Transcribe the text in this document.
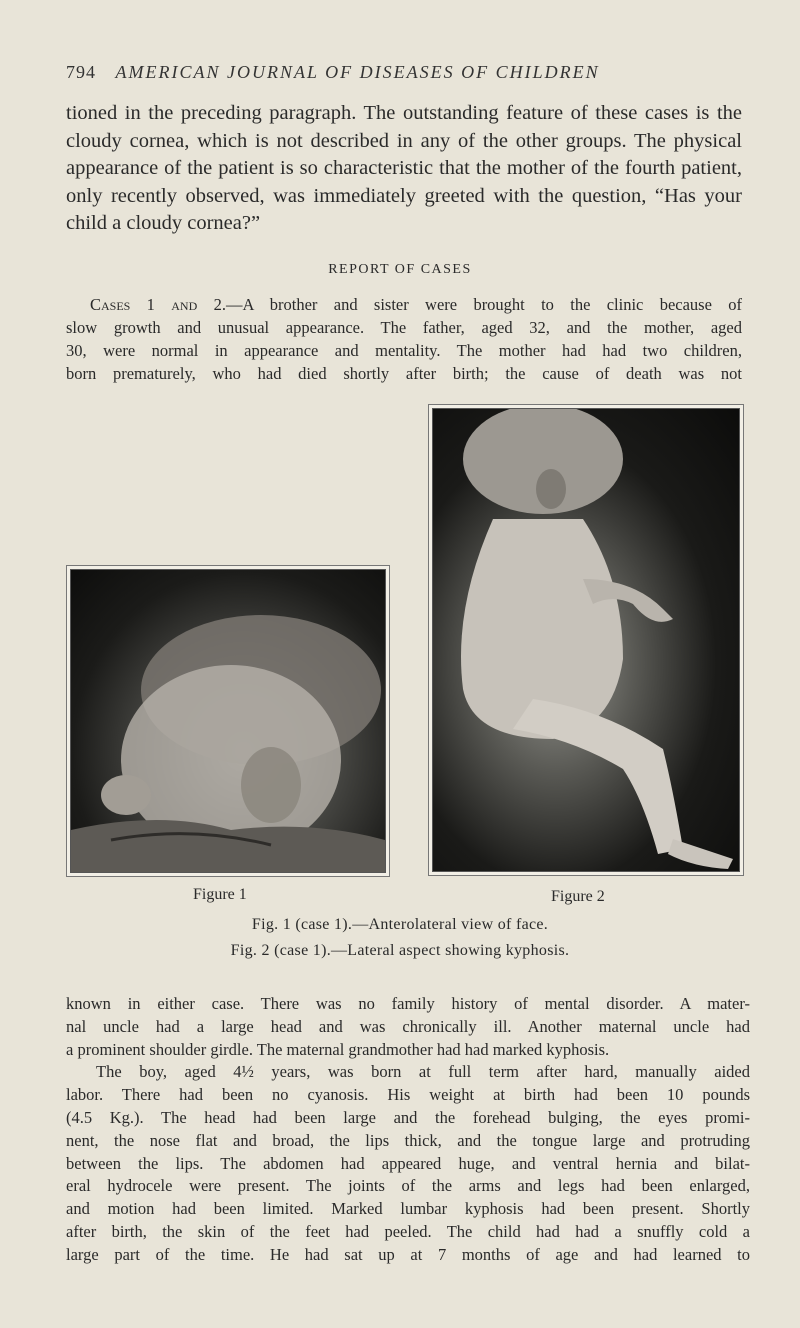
794 AMERICAN JOURNAL OF DISEASES OF CHILDREN
tioned in the preceding paragraph. The outstanding feature of these cases is the cloudy cornea, which is not described in any of the other groups. The physical appearance of the patient is so characteristic that the mother of the fourth patient, only recently observed, was immediately greeted with the question, “Has your child a cloudy cornea?”
REPORT OF CASES
Cases 1 and 2.—A brother and sister were brought to the clinic because of
slow growth and unusual appearance. The father, aged 32, and the mother, aged
30, were normal in appearance and mentality. The mother had had two children,
born prematurely, who had died shortly after birth; the cause of death was not
Figure 1	Figure 2
Fig. 1 (case 1).—Anterolateral view of face.
Fig. 2 (case 1).—Lateral aspect showing kyphosis.
known in either case. There was no family history of mental disorder. A mater-
nal uncle had a large head and was chronically ill. Another maternal uncle had
a prominent shoulder girdle. The maternal grandmother had had marked kyphosis.
The boy, aged 4½ years, was born at full term after hard, manually aided
labor. There had been no cyanosis. His weight at birth had been 10 pounds
(4.5 Kg.). The head had been large and the forehead bulging, the eyes promi-
nent, the nose flat and broad, the lips thick, and the tongue large and protruding
between the lips. The abdomen had appeared huge, and ventral hernia and bilat-
eral hydrocele were present. The joints of the arms and legs had been enlarged,
and motion had been limited. Marked lumbar kyphosis had been present. Shortly
after birth, the skin of the feet had peeled. The child had had a snuffly cold a
large part of the time. He had sat up at 7 months of age and had learned to
